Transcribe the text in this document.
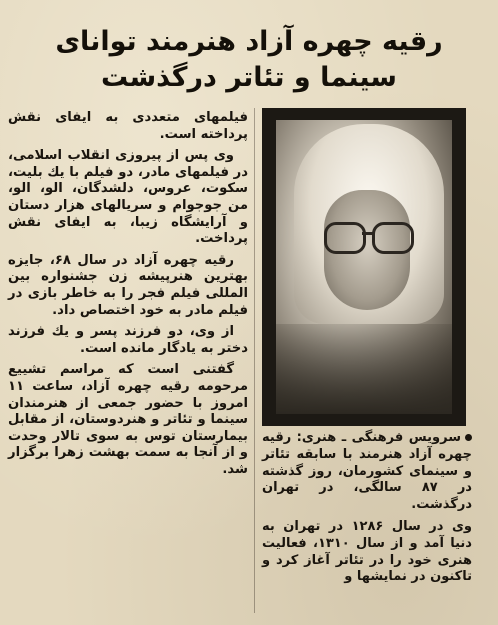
رقیه چهره آزاد هنرمند توانای
سینما و تئاتر درگذشت

فیلمهای متعددی به ایفای نقش پرداخته است.

وی پس از پیروزی انقلاب اسلامی، در فیلمهای مادر، دو فیلم با یك بلیت، سکوت، عروس، دلشدگان، الو، الو، من جوجوام و سریالهای هزار دستان و آرایشگاه زیبا، به ایفای نقش پرداخت.

رقیه چهره آزاد در سال ۶۸، جایزه بهترین هنرپیشه زن جشنواره بین المللی فیلم فجر را به خاطر بازی در فیلم مادر به خود اختصاص داد.

از وی، دو فرزند پسر و یك فرزند دختر به یادگار مانده است.

گفتنی است که مراسم تشییع مرحومه رقیه چهره آزاد، ساعت ۱۱ امروز با حضور جمعی از هنرمندان سینما و تئاتر و هنردوستان، از مقابل بیمارستان توس به سوی تالار وحدت و از آنجا به سمت بهشت زهرا برگزار شد.

سرویس فرهنگی ـ هنری: رقیه چهره آزاد هنرمند با سابقه تئاتر و سینمای کشورمان، روز گذشته در ۸۷ سالگی، در تهران درگذشت.

وی در سال ۱۲۸۶ در تهران به دنیا آمد و از سال ۱۳۱۰، فعالیت هنری خود را در تئاتر آغاز کرد و تاکنون در نمایشها و
